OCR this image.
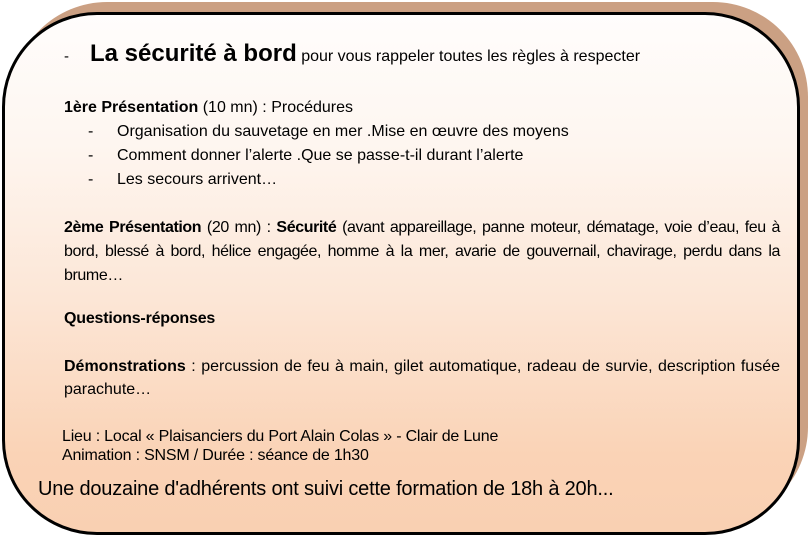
- La sécurité à bord pour vous rappeler toutes les règles à respecter
1ère Présentation (10 mn) : Procédures
- Organisation du sauvetage en mer .Mise en œuvre des moyens
- Comment donner l’alerte .Que se passe-t-il durant l’alerte
- Les secours arrivent…
2ème Présentation (20 mn) : Sécurité (avant appareillage, panne moteur, dématage, voie d’eau, feu à bord, blessé à bord, hélice engagée, homme à la mer, avarie de gouvernail, chavirage, perdu dans la brume…
Questions-réponses
Démonstrations : percussion de feu à main, gilet automatique, radeau de survie, description fusée parachute…
Lieu : Local « Plaisanciers du Port Alain Colas » - Clair de Lune
Animation : SNSM / Durée : séance de 1h30
Une douzaine d'adhérents ont suivi cette formation de 18h à 20h...
